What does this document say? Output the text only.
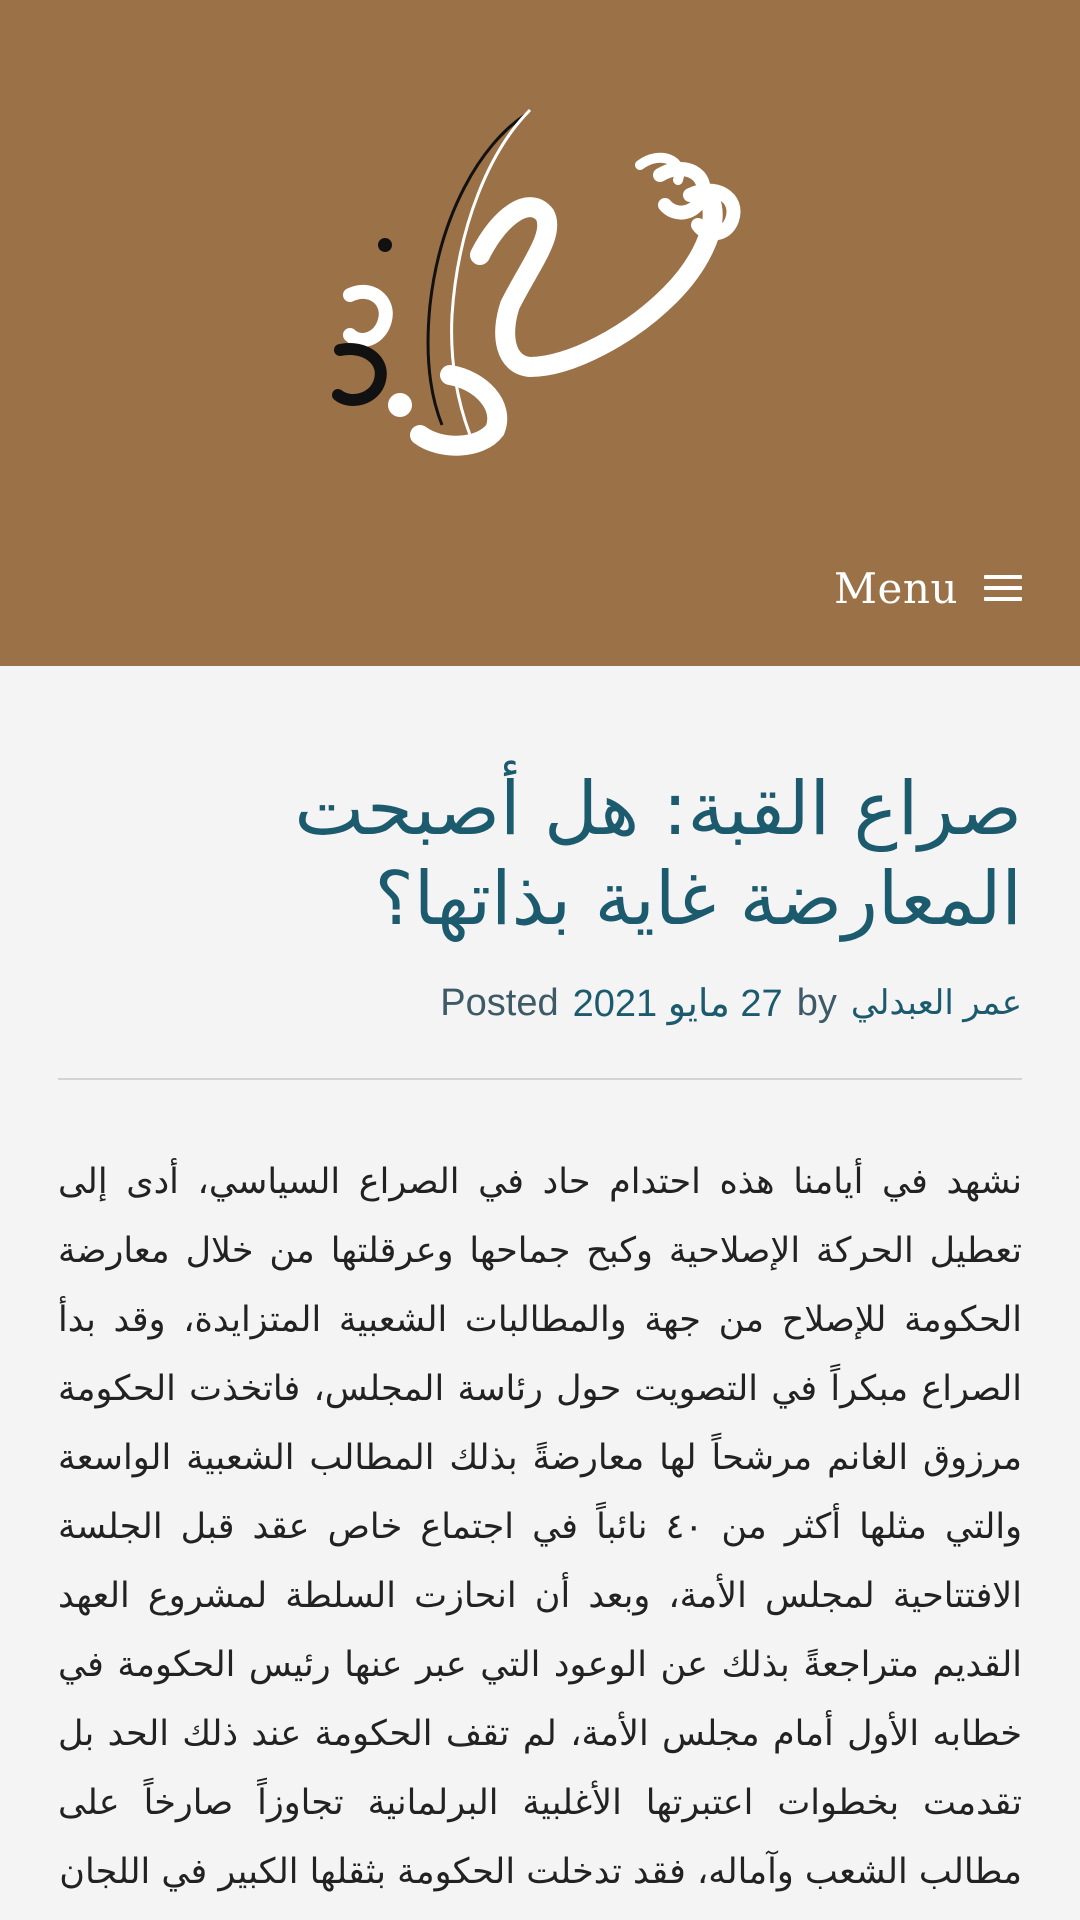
Menu
صراع القبة: هل أصبحت المعارضة غاية بذاتها؟
Posted 27 مايو 2021 by عمر العبدلي
نشهد في أيامنا هذه احتدام حاد في الصراع السياسي، أدى إلى تعطيل الحركة الإصلاحية وكبح جماحها وعرقلتها من خلال معارضة الحكومة للإصلاح من جهة والمطالبات الشعبية المتزايدة، وقد بدأ الصراع مبكراً في التصويت حول رئاسة المجلس، فاتخذت الحكومة مرزوق الغانم مرشحاً لها معارضةً بذلك المطالب الشعبية الواسعة والتي مثلها أكثر من ٤٠ نائباً في اجتماع خاص عقد قبل الجلسة الافتتاحية لمجلس الأمة، وبعد أن انحازت السلطة لمشروع العهد القديم متراجعةً بذلك عن الوعود التي عبر عنها رئيس الحكومة في خطابه الأول أمام مجلس الأمة، لم تقف الحكومة عند ذلك الحد بل تقدمت بخطوات اعتبرتها الأغلبية البرلمانية تجاوزاً صارخاً على مطالب الشعب وآماله، فقد تدخلت الحكومة بثقلها الكبير في اللجان
